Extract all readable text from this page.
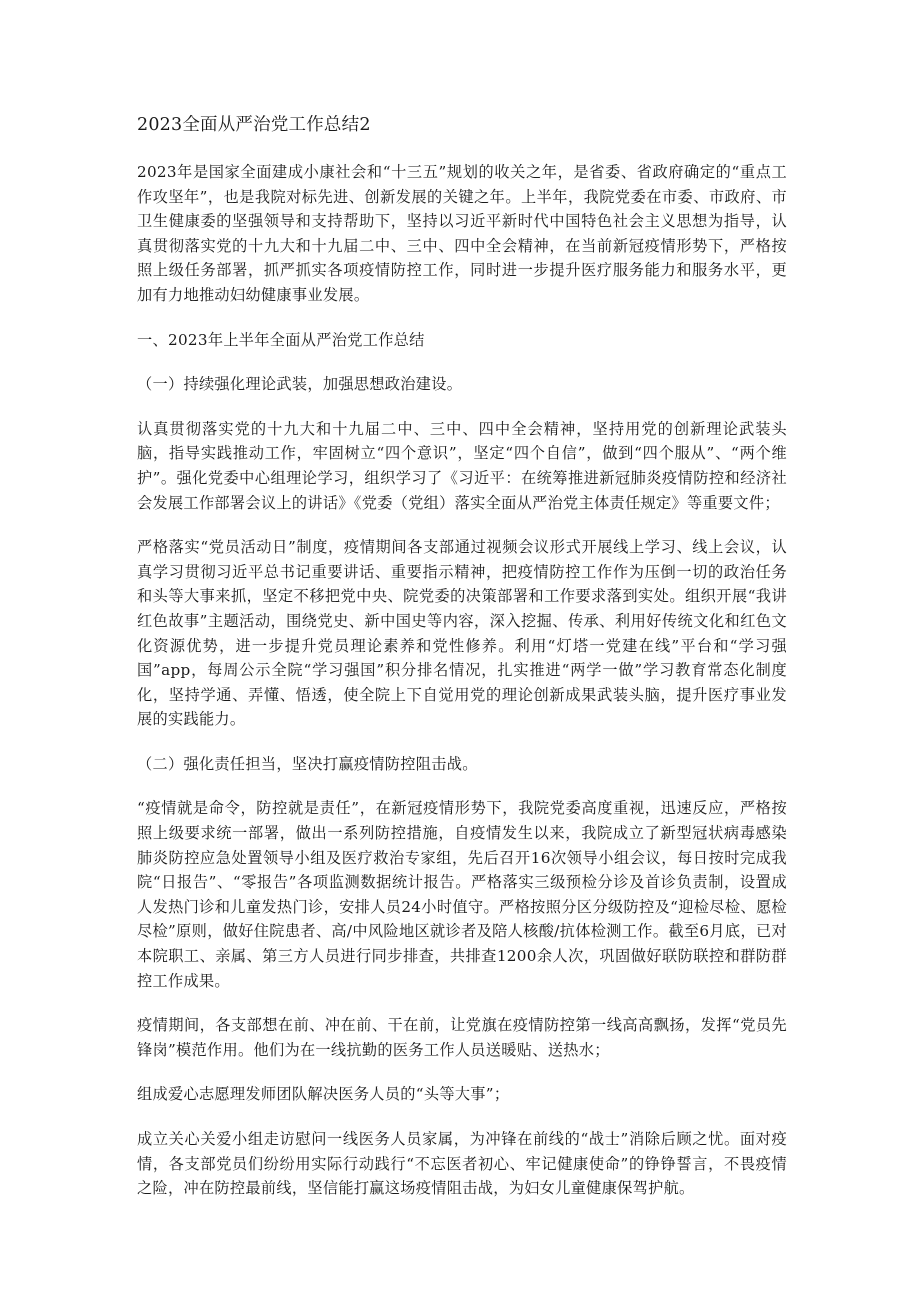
2023全面从严治党工作总结2

2023年是国家全面建成小康社会和“十三五”规划的收关之年，是省委、省政府确定的“重点工作攻坚年”，也是我院对标先进、创新发展的关键之年。上半年，我院党委在市委、市政府、市卫生健康委的坚强领导和支持帮助下，坚持以习近平新时代中国特色社会主义思想为指导，认真贯彻落实党的十九大和十九届二中、三中、四中全会精神，在当前新冠疫情形势下，严格按照上级任务部署，抓严抓实各项疫情防控工作，同时进一步提升医疗服务能力和服务水平，更加有力地推动妇幼健康事业发展。

一、2023年上半年全面从严治党工作总结

（一）持续强化理论武装，加强思想政治建设。

认真贯彻落实党的十九大和十九届二中、三中、四中全会精神，坚持用党的创新理论武装头脑，指导实践推动工作，牢固树立“四个意识”，坚定“四个自信”，做到“四个服从”、“两个维护”。强化党委中心组理论学习，组织学习了《习近平：在统筹推进新冠肺炎疫情防控和经济社会发展工作部署会议上的讲话》《党委（党组）落实全面从严治党主体责任规定》等重要文件；

严格落实“党员活动日”制度，疫情期间各支部通过视频会议形式开展线上学习、线上会议，认真学习贯彻习近平总书记重要讲话、重要指示精神，把疫情防控工作作为压倒一切的政治任务和头等大事来抓，坚定不移把党中央、院党委的决策部署和工作要求落到实处。组织开展“我讲红色故事”主题活动，围绕党史、新中国史等内容，深入挖掘、传承、利用好传统文化和红色文化资源优势，进一步提升党员理论素养和党性修养。利用“灯塔一党建在线”平台和“学习强国”app，每周公示全院“学习强国”积分排名情况，扎实推进“两学一做”学习教育常态化制度化，坚持学通、弄懂、悟透，使全院上下自觉用党的理论创新成果武装头脑，提升医疗事业发展的实践能力。

（二）强化责任担当，坚决打赢疫情防控阻击战。

“疫情就是命令，防控就是责任”，在新冠疫情形势下，我院党委高度重视，迅速反应，严格按照上级要求统一部署，做出一系列防控措施，自疫情发生以来，我院成立了新型冠状病毒感染肺炎防控应急处置领导小组及医疗救治专家组，先后召开16次领导小组会议，每日按时完成我院“日报告”、“零报告”各项监测数据统计报告。严格落实三级预检分诊及首诊负责制，设置成人发热门诊和儿童发热门诊，安排人员24小时值守。严格按照分区分级防控及“迎检尽检、愿检尽检”原则，做好住院患者、高/中风险地区就诊者及陪人核酸/抗体检测工作。截至6月底，已对本院职工、亲属、第三方人员进行同步排查，共排查1200余人次，巩固做好联防联控和群防群控工作成果。

疫情期间，各支部想在前、冲在前、干在前，让党旗在疫情防控第一线高高飘扬，发挥“党员先锋岗”模范作用。他们为在一线抗勤的医务工作人员送暖贴、送热水；

组成爱心志愿理发师团队解决医务人员的“头等大事”；

成立关心关爱小组走访慰问一线医务人员家属，为冲锋在前线的“战士”消除后顾之忧。面对疫情，各支部党员们纷纷用实际行动践行“不忘医者初心、牢记健康使命”的铮铮誓言，不畏疫情之险，冲在防控最前线，坚信能打赢这场疫情阻击战，为妇女儿童健康保驾护航。
